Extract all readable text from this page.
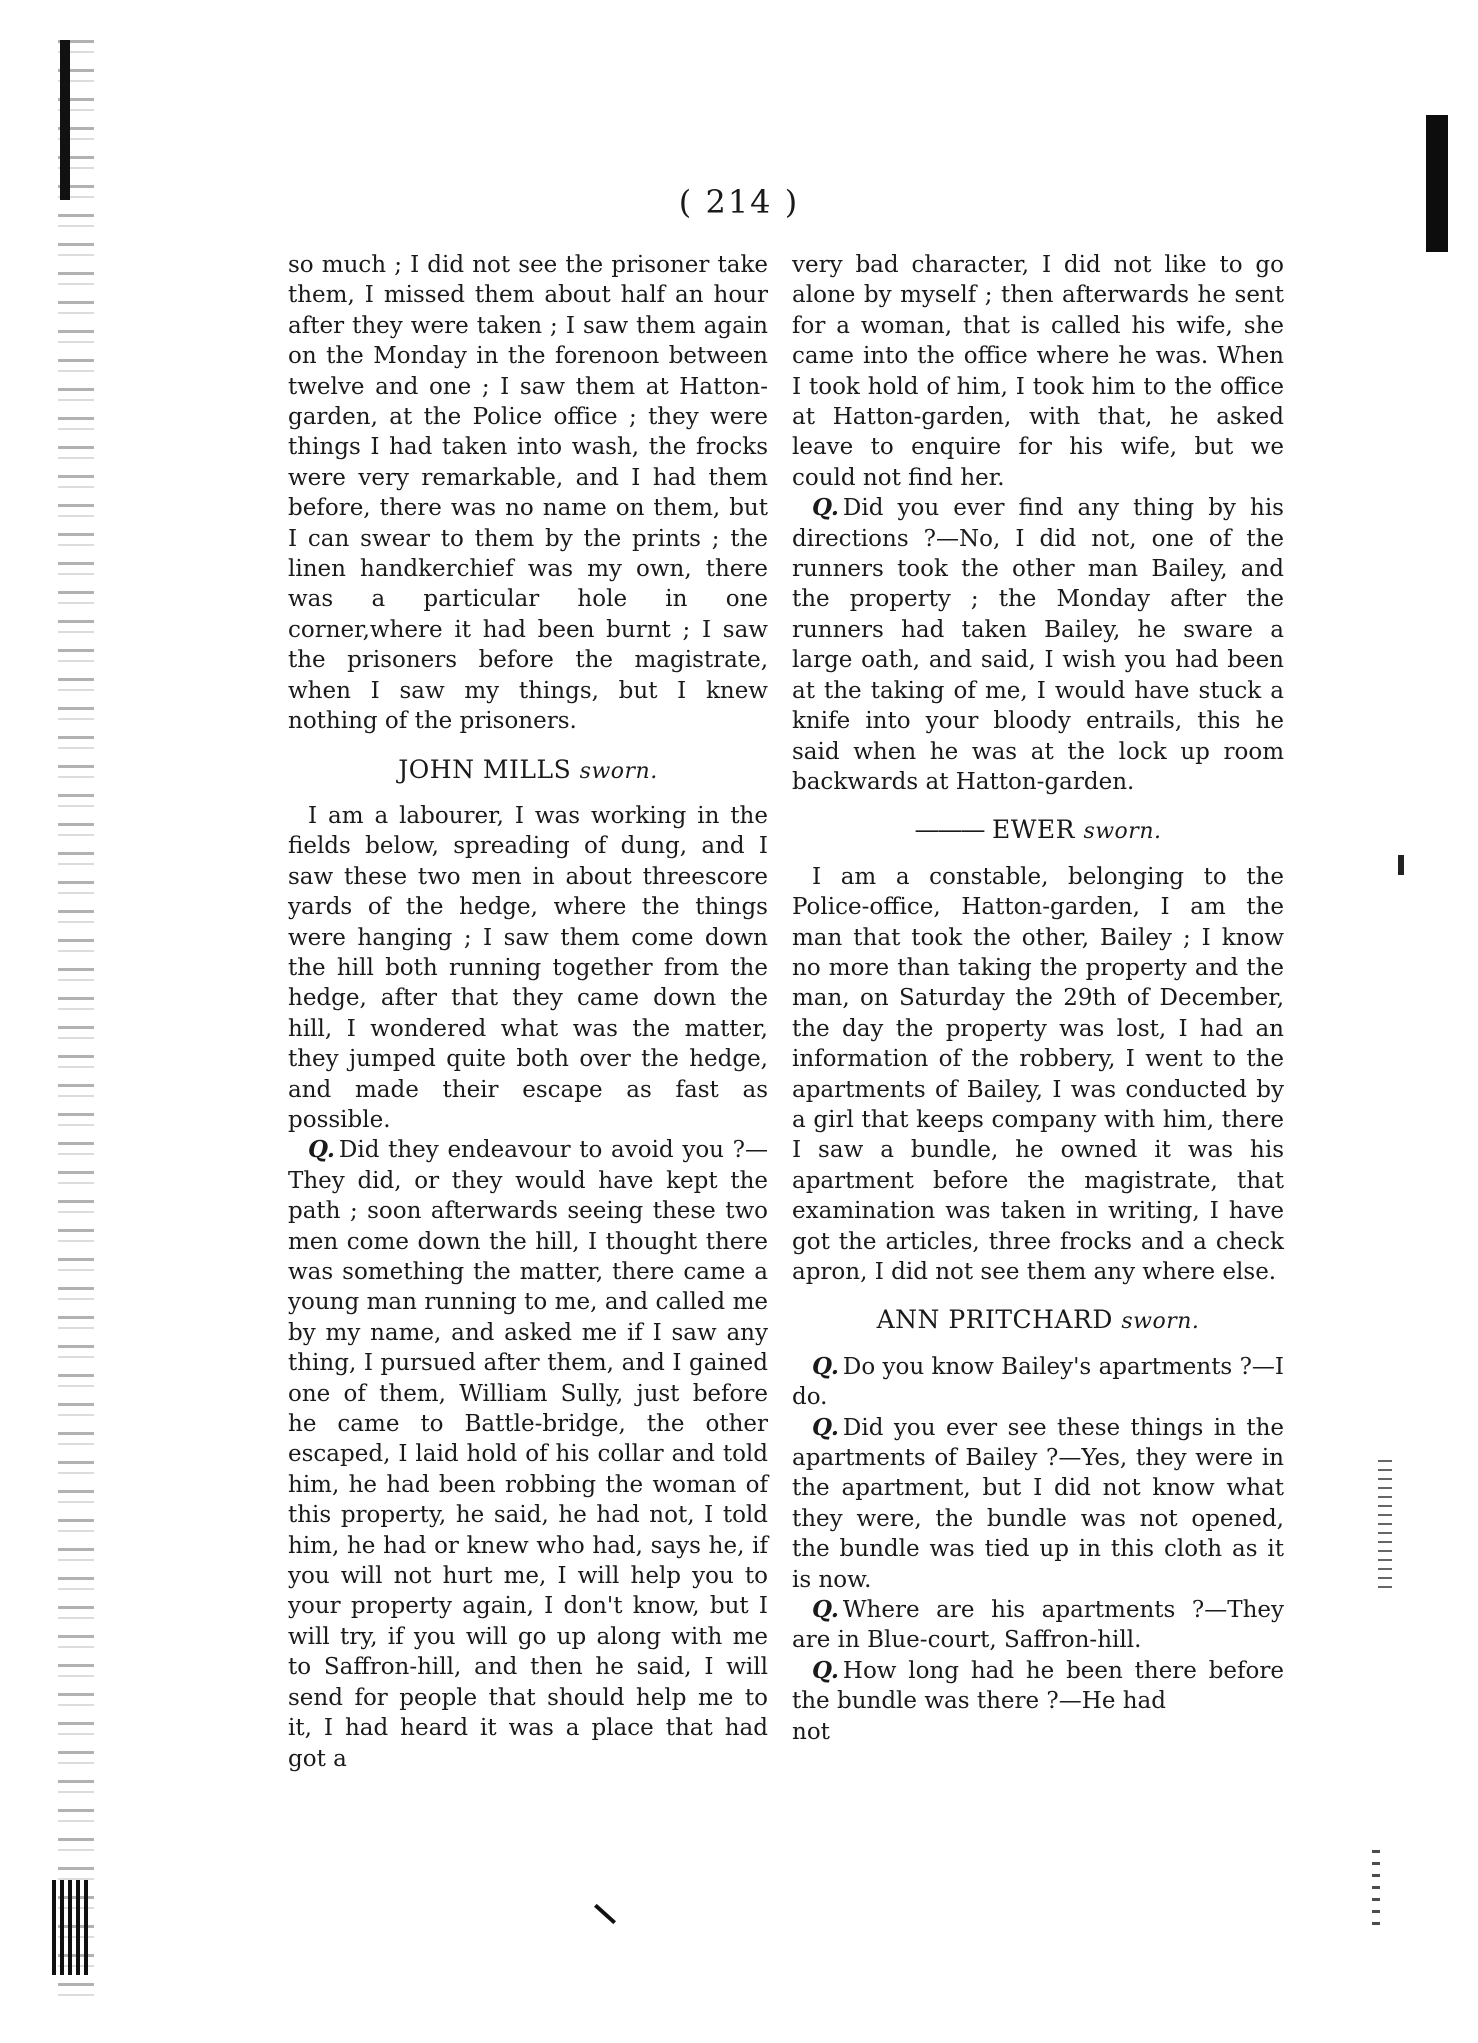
( 214 )

so much ; I did not see the prisoner take them, I missed them about half an hour after they were taken ; I saw them again on the Monday in the forenoon between twelve and one ; I saw them at Hatton-garden, at the Police office ; they were things I had taken into wash, the frocks were very remarkable, and I had them before, there was no name on them, but I can swear to them by the prints ; the linen handkerchief was my own, there was a particular hole in one corner,where it had been burnt ; I saw the prisoners before the magistrate, when I saw my things, but I knew nothing of the prisoners.

JOHN MILLS sworn.

I am a labourer, I was working in the fields below, spreading of dung, and I saw these two men in about threescore yards of the hedge, where the things were hanging ; I saw them come down the hill both running together from the hedge, after that they came down the hill, I wondered what was the matter, they jumped quite both over the hedge, and made their escape as fast as possible.

Q. Did they endeavour to avoid you ?—They did, or they would have kept the path ; soon afterwards seeing these two men come down the hill, I thought there was something the matter, there came a young man running to me, and called me by my name, and asked me if I saw any thing, I pursued after them, and I gained one of them, William Sully, just before he came to Battle-bridge, the other escaped, I laid hold of his collar and told him, he had been robbing the woman of this property, he said, he had not, I told him, he had or knew who had, says he, if you will not hurt me, I will help you to your property again, I don't know, but I will try, if you will go up along with me to Saffron-hill, and then he said, I will send for people that should help me to it, I had heard it was a place that had got a

very bad character, I did not like to go alone by myself ; then afterwards he sent for a woman, that is called his wife, she came into the office where he was. When I took hold of him, I took him to the office at Hatton-garden, with that, he asked leave to enquire for his wife, but we could not find her.

Q. Did you ever find any thing by his directions ?—No, I did not, one of the runners took the other man Bailey, and the property ; the Monday after the runners had taken Bailey, he sware a large oath, and said, I wish you had been at the taking of me, I would have stuck a knife into your bloody entrails, this he said when he was at the lock up room backwards at Hatton-garden.

——— EWER sworn.

I am a constable, belonging to the Police-office, Hatton-garden, I am the man that took the other, Bailey ; I know no more than taking the property and the man, on Saturday the 29th of December, the day the property was lost, I had an information of the robbery, I went to the apartments of Bailey, I was conducted by a girl that keeps company with him, there I saw a bundle, he owned it was his apartment before the magistrate, that examination was taken in writing, I have got the articles, three frocks and a check apron, I did not see them any where else.

ANN PRITCHARD sworn.

Q. Do you know Bailey's apartments ?—I do.

Q. Did you ever see these things in the apartments of Bailey ?—Yes, they were in the apartment, but I did not know what they were, the bundle was not opened, the bundle was tied up in this cloth as it is now.

Q. Where are his apartments ?—They are in Blue-court, Saffron-hill.

Q. How long had he been there before the bundle was there ?—He had

not
